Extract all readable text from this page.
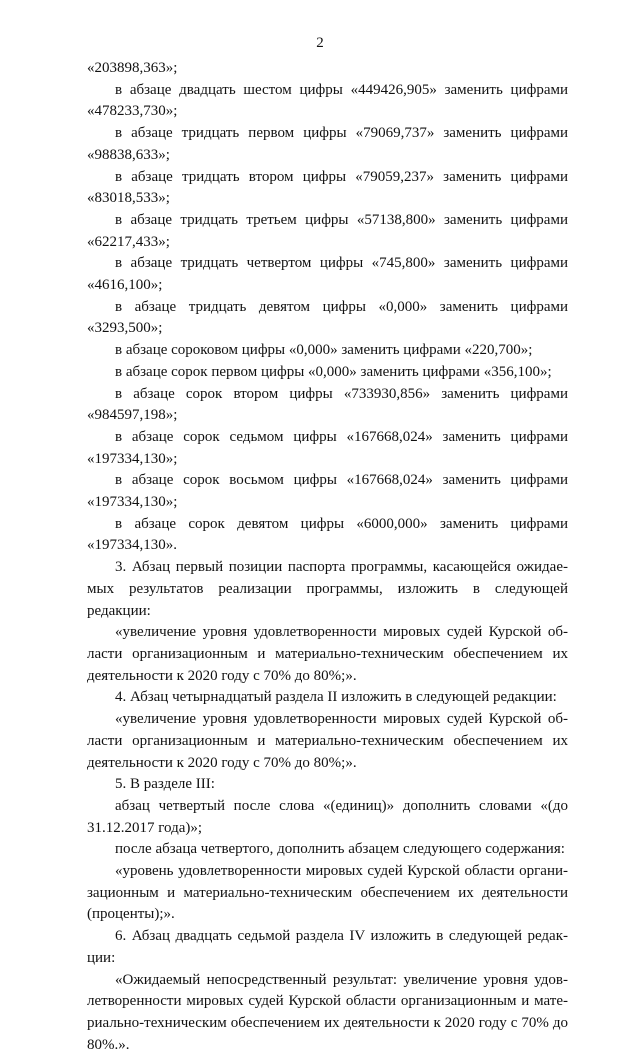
2

«203898,363»;

в абзаце двадцать шестом цифры «449426,905» заменить цифрами «478233,730»;

в абзаце тридцать первом цифры «79069,737» заменить цифрами «98838,633»;

в абзаце тридцать втором цифры «79059,237» заменить цифрами «83018,533»;

в абзаце тридцать третьем цифры «57138,800» заменить цифрами «62217,433»;

в абзаце тридцать четвертом цифры «745,800» заменить цифрами «4616,100»;

в абзаце тридцать девятом цифры «0,000» заменить цифрами «3293,500»;

в абзаце сороковом цифры «0,000» заменить цифрами «220,700»;

в абзаце сорок первом цифры «0,000» заменить цифрами «356,100»;

в абзаце сорок втором цифры «733930,856» заменить цифрами «984597,198»;

в абзаце сорок седьмом цифры «167668,024» заменить цифрами «197334,130»;

в абзаце сорок восьмом цифры «167668,024» заменить цифрами «197334,130»;

в абзаце сорок девятом цифры «6000,000» заменить цифрами «197334,130».

3. Абзац первый позиции паспорта программы, касающейся ожидаемых результатов реализации программы, изложить в следующей редакции:

«увеличение уровня удовлетворенности мировых судей Курской области организационным и материально-техническим обеспечением их деятельности к 2020 году с 70% до 80%;».

4. Абзац четырнадцатый раздела II изложить в следующей редакции:

«увеличение уровня удовлетворенности мировых судей Курской области организационным и материально-техническим обеспечением их деятельности к 2020 году с 70% до 80%;».

5. В разделе III:

абзац четвертый после слова «(единиц)» дополнить словами «(до 31.12.2017 года)»;

после абзаца четвертого, дополнить абзацем следующего содержания:

«уровень удовлетворенности мировых судей Курской области организационным и материально-техническим обеспечением их деятельности (проценты);».

6. Абзац двадцать седьмой раздела IV изложить в следующей редакции:

«Ожидаемый непосредственный результат: увеличение уровня удовлетворенности мировых судей Курской области организационным и материально-техническим обеспечением их деятельности к 2020 году с 70% до 80%.».
